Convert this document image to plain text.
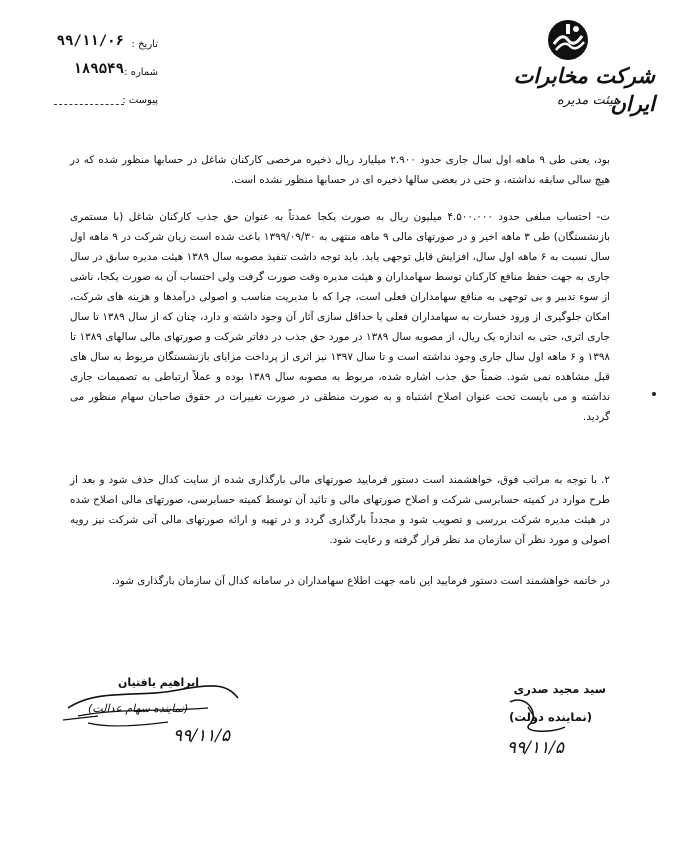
شرکت مخابرات ایران
هیئت مدیره
تاریخ :
۹۹/۱۱/۰۶
شماره :
۱۸۹۵۴۹
پیوست :
بود، یعنی طی ۹ ماهه اول سال جاری حدود ۲.۹۰۰ میلیارد ریال ذخیره مرخصی کارکنان شاغل در حسابها منظور شده که در هیچ سالی سابقه نداشته، و حتی در بعضی سالها ذخیره ای در حسابها منظور نشده است.
ت- احتساب مبلغی حدود ۴.۵۰۰.۰۰۰ میلیون ریال به صورت یکجا عمدتاً به عنوان حق جذب کارکنان شاغل (با مستمری بازنشستگان) طی ۳ ماهه اخیر و در صورتهای مالی ۹ ماهه منتهی به ۱۳۹۹/۰۹/۳۰ باعث شده است زیان شرکت در ۹ ماهه اول سال نسبت به ۶ ماهه اول سال، افزایش قابل توجهی یابد. باید توجه داشت تنفیذ مصوبه سال ۱۳۸۹ هیئت مدیره سابق در سال جاری به جهت حفظ منافع کارکنان توسط سهامداران و هیئت مدیره وقت صورت گرفت ولی احتساب آن به صورت یکجا، ناشی از سوء تدبیر و بی توجهی به منافع سهامداران فعلی است، چرا که با مدیریت مناسب و اصولی درآمدها و هزینه های شرکت، امکان جلوگیری از ورود خسارت به سهامداران فعلی یا حداقل سازی آثار آن وجود داشته و دارد، چنان که از سال ۱۳۸۹ تا سال جاری اثری، حتی به اندازه یک ریال، از مصوبه سال ۱۳۸۹ در مورد حق جذب در دفاتر شرکت و صورتهای مالی سالهای ۱۳۸۹ تا ۱۳۹۸ و ۶ ماهه اول سال جاری وجود نداشته است و تا سال ۱۳۹۷ نیز اثری از پرداخت مزایای بازنشستگان مربوط به سال های قبل مشاهده نمی شود. ضمناً حق جذب اشاره شده، مربوط به مصوبه سال ۱۳۸۹ بوده و عملاً ارتباطی به تصمیمات جاری نداشته و می بایست تحت عنوان اصلاح اشتباه و به صورت منطقی در صورت تغییرات در حقوق صاحبان سهام منظور می گردید.
۲. با توجه به مراتب فوق، خواهشمند است دستور فرمایید صورتهای مالی بارگذاری شده از سایت کدال حذف شود و بعد از طرح موارد در کمیته حسابرسی شرکت و اصلاح صورتهای مالی و تائید آن توسط کمیته حسابرسی، صورتهای مالی اصلاح شده در هیئت مدیره شرکت بررسی و تصویب شود و مجدداً بارگذاری گردد و در تهیه و ارائه صورتهای مالی آتی شرکت نیز رویه اصولی و مورد نظر آن سازمان مد نظر قرار گرفته و رعایت شود.
در خاتمه خواهشمند است دستور فرمایید این نامه جهت اطلاع سهامداران در سامانه کدال آن سازمان بارگذاری شود.
ابراهیم یافتیان
(نماینده سهام عدالت)
۹۹/۱۱/۵
سید مجید صدری
(نماینده دولت)
۹۹/۱۱/۵
